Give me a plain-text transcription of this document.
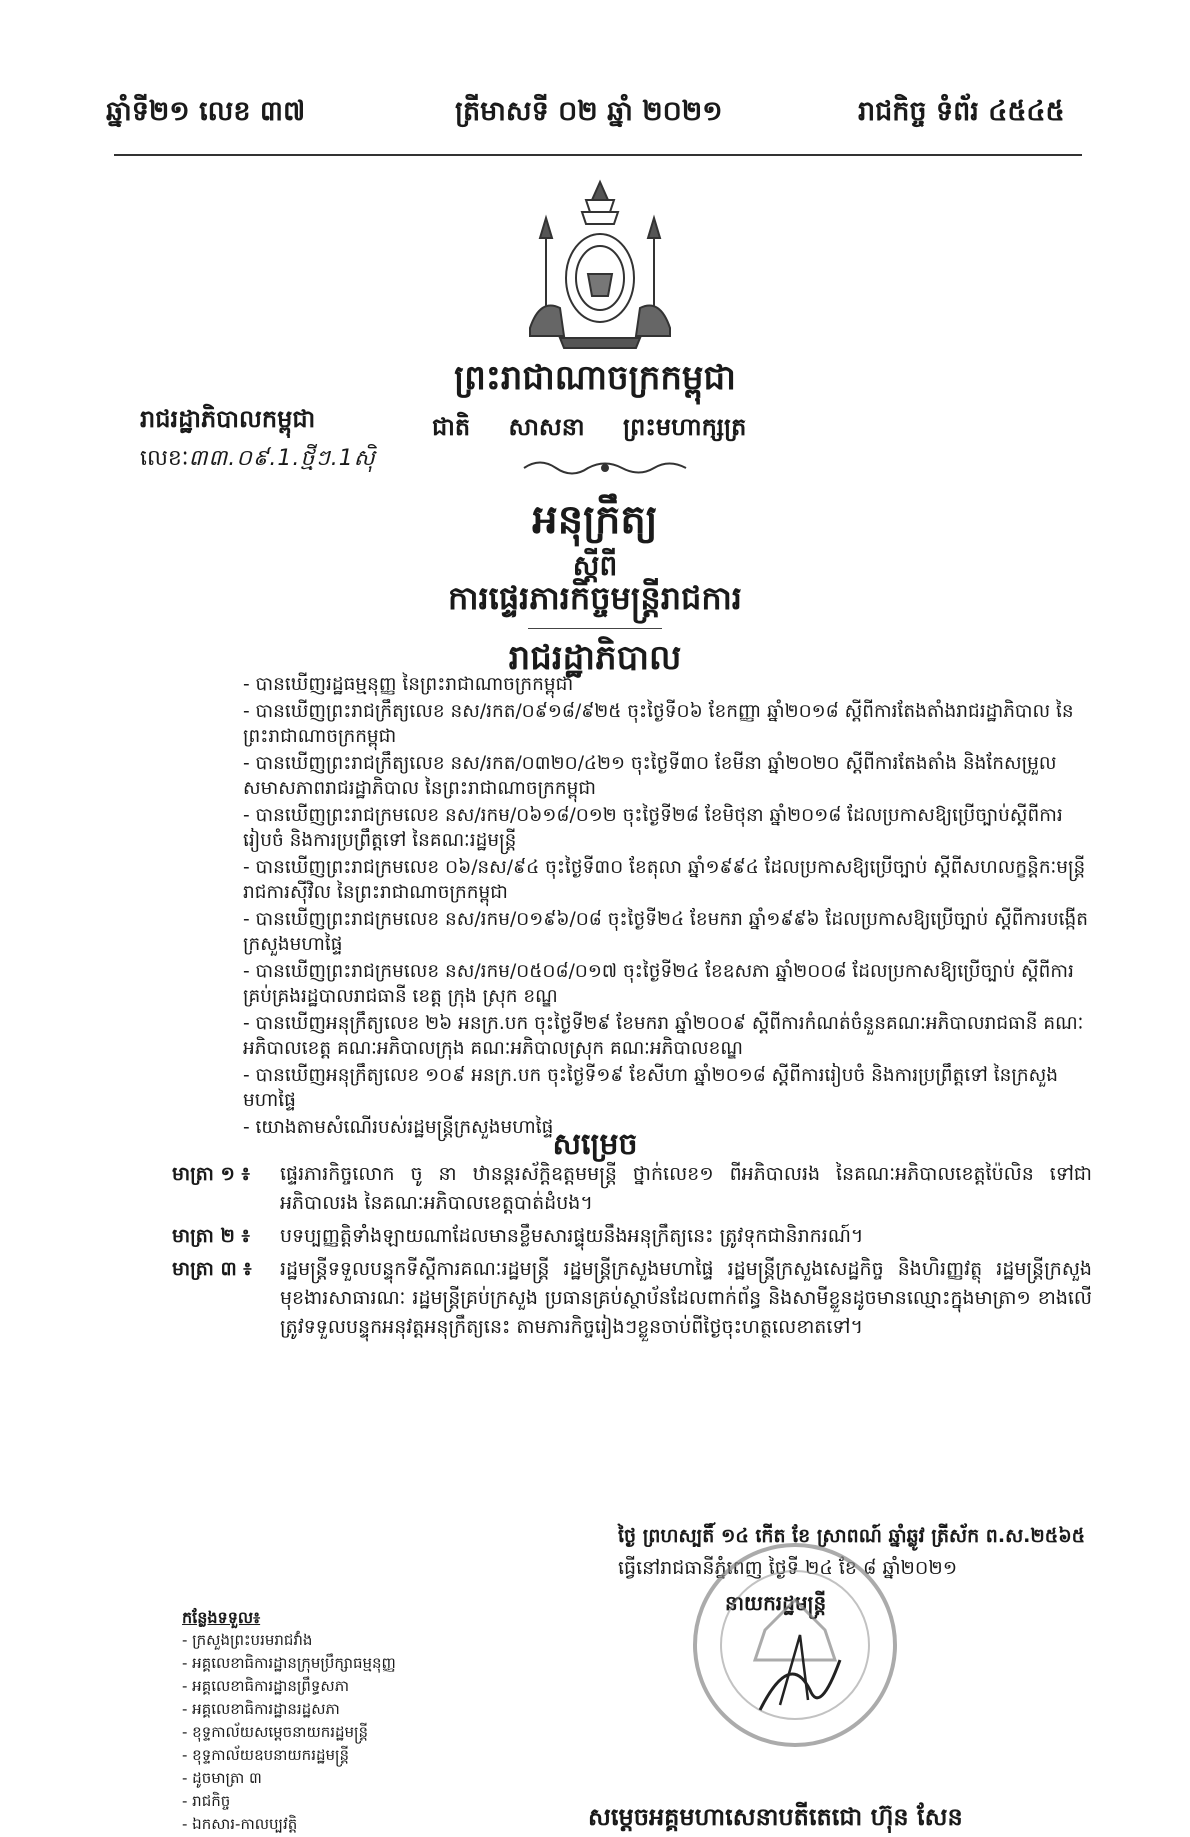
ឆ្នាំទី២១ លេខ ៣៧	ត្រីមាសទី ០២ ឆ្នាំ ២០២១	រាជកិច្ច ទំព័រ ៤៥៤៥
ព្រះរាជាណាចក្រកម្ពុជា
រាជរដ្ឋាភិបាលកម្ពុជា	ជាតិ សាសនា ព្រះមហាក្សត្រ
លេខៈ៣៣.០៩.1.ថ្មីៗ.1ស៊ិ
អនុក្រឹត្យ
ស្តីពី
ការផ្ទេរភារកិច្ចមន្ត្រីរាជការ
រាជរដ្ឋាភិបាល
- បានឃើញរដ្ឋធម្មនុញ្ញ នៃព្រះរាជាណាចក្រកម្ពុជា
- បានឃើញព្រះរាជក្រឹត្យលេខ នស/រកត/០៩១៨/៩២៥ ចុះថ្ងៃទី០៦ ខែកញ្ញា ឆ្នាំ២០១៨ ស្តីពីការតែងតាំងរាជរដ្ឋាភិបាល នៃព្រះរាជាណាចក្រកម្ពុជា
- បានឃើញព្រះរាជក្រឹត្យលេខ នស/រកត/០៣២០/៤២១ ចុះថ្ងៃទី៣០ ខែមីនា ឆ្នាំ២០២០ ស្តីពីការតែងតាំង និងកែសម្រួលសមាសភាពរាជរដ្ឋាភិបាល នៃព្រះរាជាណាចក្រកម្ពុជា
- បានឃើញព្រះរាជក្រមលេខ នស/រកម/០៦១៨/០១២ ចុះថ្ងៃទី២៨ ខែមិថុនា ឆ្នាំ២០១៨ ដែលប្រកាសឱ្យប្រើច្បាប់ស្តីពីការរៀបចំ និងការប្រព្រឹត្តទៅ នៃគណៈរដ្ឋមន្ត្រី
- បានឃើញព្រះរាជក្រមលេខ ០៦/នស/៩៤ ចុះថ្ងៃទី៣០ ខែតុលា ឆ្នាំ១៩៩៤ ដែលប្រកាសឱ្យប្រើច្បាប់ ស្តីពីសហលក្ខន្តិកៈមន្ត្រីរាជការស៊ីវិល នៃព្រះរាជាណាចក្រកម្ពុជា
- បានឃើញព្រះរាជក្រមលេខ នស/រកម/០១៩៦/០៨ ចុះថ្ងៃទី២៤ ខែមករា ឆ្នាំ១៩៩៦ ដែលប្រកាសឱ្យប្រើច្បាប់ ស្តីពីការបង្កើតក្រសួងមហាផ្ទៃ
- បានឃើញព្រះរាជក្រមលេខ នស/រកម/០៥០៨/០១៧ ចុះថ្ងៃទី២៤ ខែឧសភា ឆ្នាំ២០០៨ ដែលប្រកាសឱ្យប្រើច្បាប់ ស្តីពីការគ្រប់គ្រងរដ្ឋបាលរាជធានី ខេត្ត ក្រុង ស្រុក ខណ្ឌ
- បានឃើញអនុក្រឹត្យលេខ ២៦ អនក្រ.បក ចុះថ្ងៃទី២៩ ខែមករា ឆ្នាំ២០០៩ ស្តីពីការកំណត់ចំនួនគណៈអភិបាលរាជធានី គណៈអភិបាលខេត្ត គណៈអភិបាលក្រុង គណៈអភិបាលស្រុក គណៈអភិបាលខណ្ឌ
- បានឃើញអនុក្រឹត្យលេខ ១០៩ អនក្រ.បក ចុះថ្ងៃទី១៩ ខែសីហា ឆ្នាំ២០១៨ ស្តីពីការរៀបចំ និងការប្រព្រឹត្តទៅ នៃក្រសួងមហាផ្ទៃ
- យោងតាមសំណើរបស់រដ្ឋមន្ត្រីក្រសួងមហាផ្ទៃ សម្រេច
មាត្រា ១ ៖	ផ្ទេរភារកិច្ចលោក ចូ នា ឋានន្តរស័ក្តិឧត្តមមន្ត្រី ថ្នាក់លេខ១ ពីអភិបាលរង នៃគណៈអភិបាលខេត្តប៉ៃលិន ទៅជាអភិបាលរង នៃគណៈអភិបាលខេត្តបាត់ដំបង។
មាត្រា ២ ៖	បទប្បញ្ញត្តិទាំងឡាយណាដែលមានខ្លឹមសារផ្ទុយនឹងអនុក្រឹត្យនេះ ត្រូវទុកជានិរាករណ៍។
មាត្រា ៣ ៖	រដ្ឋមន្ត្រីទទួលបន្ទុកទីស្តីការគណៈរដ្ឋមន្ត្រី រដ្ឋមន្ត្រីក្រសួងមហាផ្ទៃ រដ្ឋមន្ត្រីក្រសួងសេដ្ឋកិច្ច និងហិរញ្ញវត្ថុ រដ្ឋមន្ត្រីក្រសួងមុខងារសាធារណៈ រដ្ឋមន្ត្រីគ្រប់ក្រសួង ប្រធានគ្រប់ស្ថាប័នដែលពាក់ព័ន្ធ និងសាមីខ្លួនដូចមានឈ្មោះក្នុងមាត្រា១ ខាងលើ ត្រូវទទួលបន្ទុកអនុវត្តអនុក្រឹត្យនេះ តាមភារកិច្ចរៀងៗខ្លួនចាប់ពីថ្ងៃចុះហត្ថលេខាតទៅ។
ថ្ងៃ ព្រហស្បតិ៍ ១៤ កើត ខែ ស្រាពណ៍ ឆ្នាំឆ្លូវ ត្រីស័ក ព.ស.២៥៦៥
ធ្វើនៅរាជធានីភ្នំពេញ ថ្ងៃទី ២៤ ខែ ៨ ឆ្នាំ២០២១
នាយករដ្ឋមន្ត្រី
កន្លែងទទួល៖
- ក្រសួងព្រះបរមរាជវាំង
- អគ្គលេខាធិការដ្ឋានក្រុមប្រឹក្សាធម្មនុញ្ញ
- អគ្គលេខាធិការដ្ឋានព្រឹទ្ធសភា
- អគ្គលេខាធិការដ្ឋានរដ្ឋសភា
- ខុទ្ទកាល័យសម្តេចនាយករដ្ឋមន្ត្រី
- ខុទ្ទកាល័យឧបនាយករដ្ឋមន្ត្រី
- ដូចមាត្រា ៣
- រាជកិច្ច
- ឯកសារ-កាលប្បវត្តិ	សម្តេចអគ្គមហាសេនាបតីតេជោ ហ៊ុន សែន
